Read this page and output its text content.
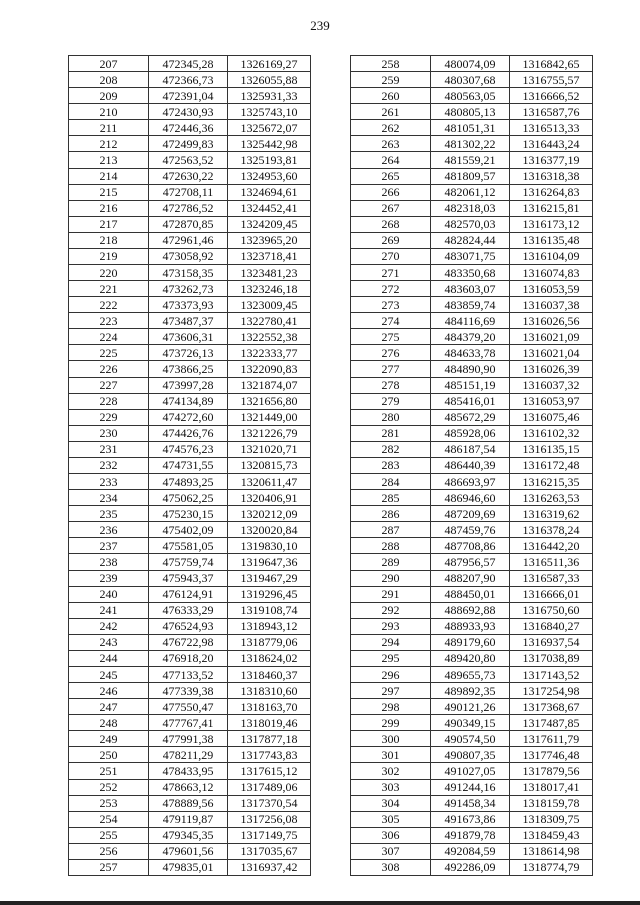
239
207	472345,28	1326169,27
208	472366,73	1326055,88
209	472391,04	1325931,33
210	472430,93	1325743,10
211	472446,36	1325672,07
212	472499,83	1325442,98
213	472563,52	1325193,81
214	472630,22	1324953,60
215	472708,11	1324694,61
216	472786,52	1324452,41
217	472870,85	1324209,45
218	472961,46	1323965,20
219	473058,92	1323718,41
220	473158,35	1323481,23
221	473262,73	1323246,18
222	473373,93	1323009,45
223	473487,37	1322780,41
224	473606,31	1322552,38
225	473726,13	1322333,77
226	473866,25	1322090,83
227	473997,28	1321874,07
228	474134,89	1321656,80
229	474272,60	1321449,00
230	474426,76	1321226,79
231	474576,23	1321020,71
232	474731,55	1320815,73
233	474893,25	1320611,47
234	475062,25	1320406,91
235	475230,15	1320212,09
236	475402,09	1320020,84
237	475581,05	1319830,10
238	475759,74	1319647,36
239	475943,37	1319467,29
240	476124,91	1319296,45
241	476333,29	1319108,74
242	476524,93	1318943,12
243	476722,98	1318779,06
244	476918,20	1318624,02
245	477133,52	1318460,37
246	477339,38	1318310,60
247	477550,47	1318163,70
248	477767,41	1318019,46
249	477991,38	1317877,18
250	478211,29	1317743,83
251	478433,95	1317615,12
252	478663,12	1317489,06
253	478889,56	1317370,54
254	479119,87	1317256,08
255	479345,35	1317149,75
256	479601,56	1317035,67
257	479835,01	1316937,42
258	480074,09	1316842,65
259	480307,68	1316755,57
260	480563,05	1316666,52
261	480805,13	1316587,76
262	481051,31	1316513,33
263	481302,22	1316443,24
264	481559,21	1316377,19
265	481809,57	1316318,38
266	482061,12	1316264,83
267	482318,03	1316215,81
268	482570,03	1316173,12
269	482824,44	1316135,48
270	483071,75	1316104,09
271	483350,68	1316074,83
272	483603,07	1316053,59
273	483859,74	1316037,38
274	484116,69	1316026,56
275	484379,20	1316021,09
276	484633,78	1316021,04
277	484890,90	1316026,39
278	485151,19	1316037,32
279	485416,01	1316053,97
280	485672,29	1316075,46
281	485928,06	1316102,32
282	486187,54	1316135,15
283	486440,39	1316172,48
284	486693,97	1316215,35
285	486946,60	1316263,53
286	487209,69	1316319,62
287	487459,76	1316378,24
288	487708,86	1316442,20
289	487956,57	1316511,36
290	488207,90	1316587,33
291	488450,01	1316666,01
292	488692,88	1316750,60
293	488933,93	1316840,27
294	489179,60	1316937,54
295	489420,80	1317038,89
296	489655,73	1317143,52
297	489892,35	1317254,98
298	490121,26	1317368,67
299	490349,15	1317487,85
300	490574,50	1317611,79
301	490807,35	1317746,48
302	491027,05	1317879,56
303	491244,16	1318017,41
304	491458,34	1318159,78
305	491673,86	1318309,75
306	491879,78	1318459,43
307	492084,59	1318614,98
308	492286,09	1318774,79
